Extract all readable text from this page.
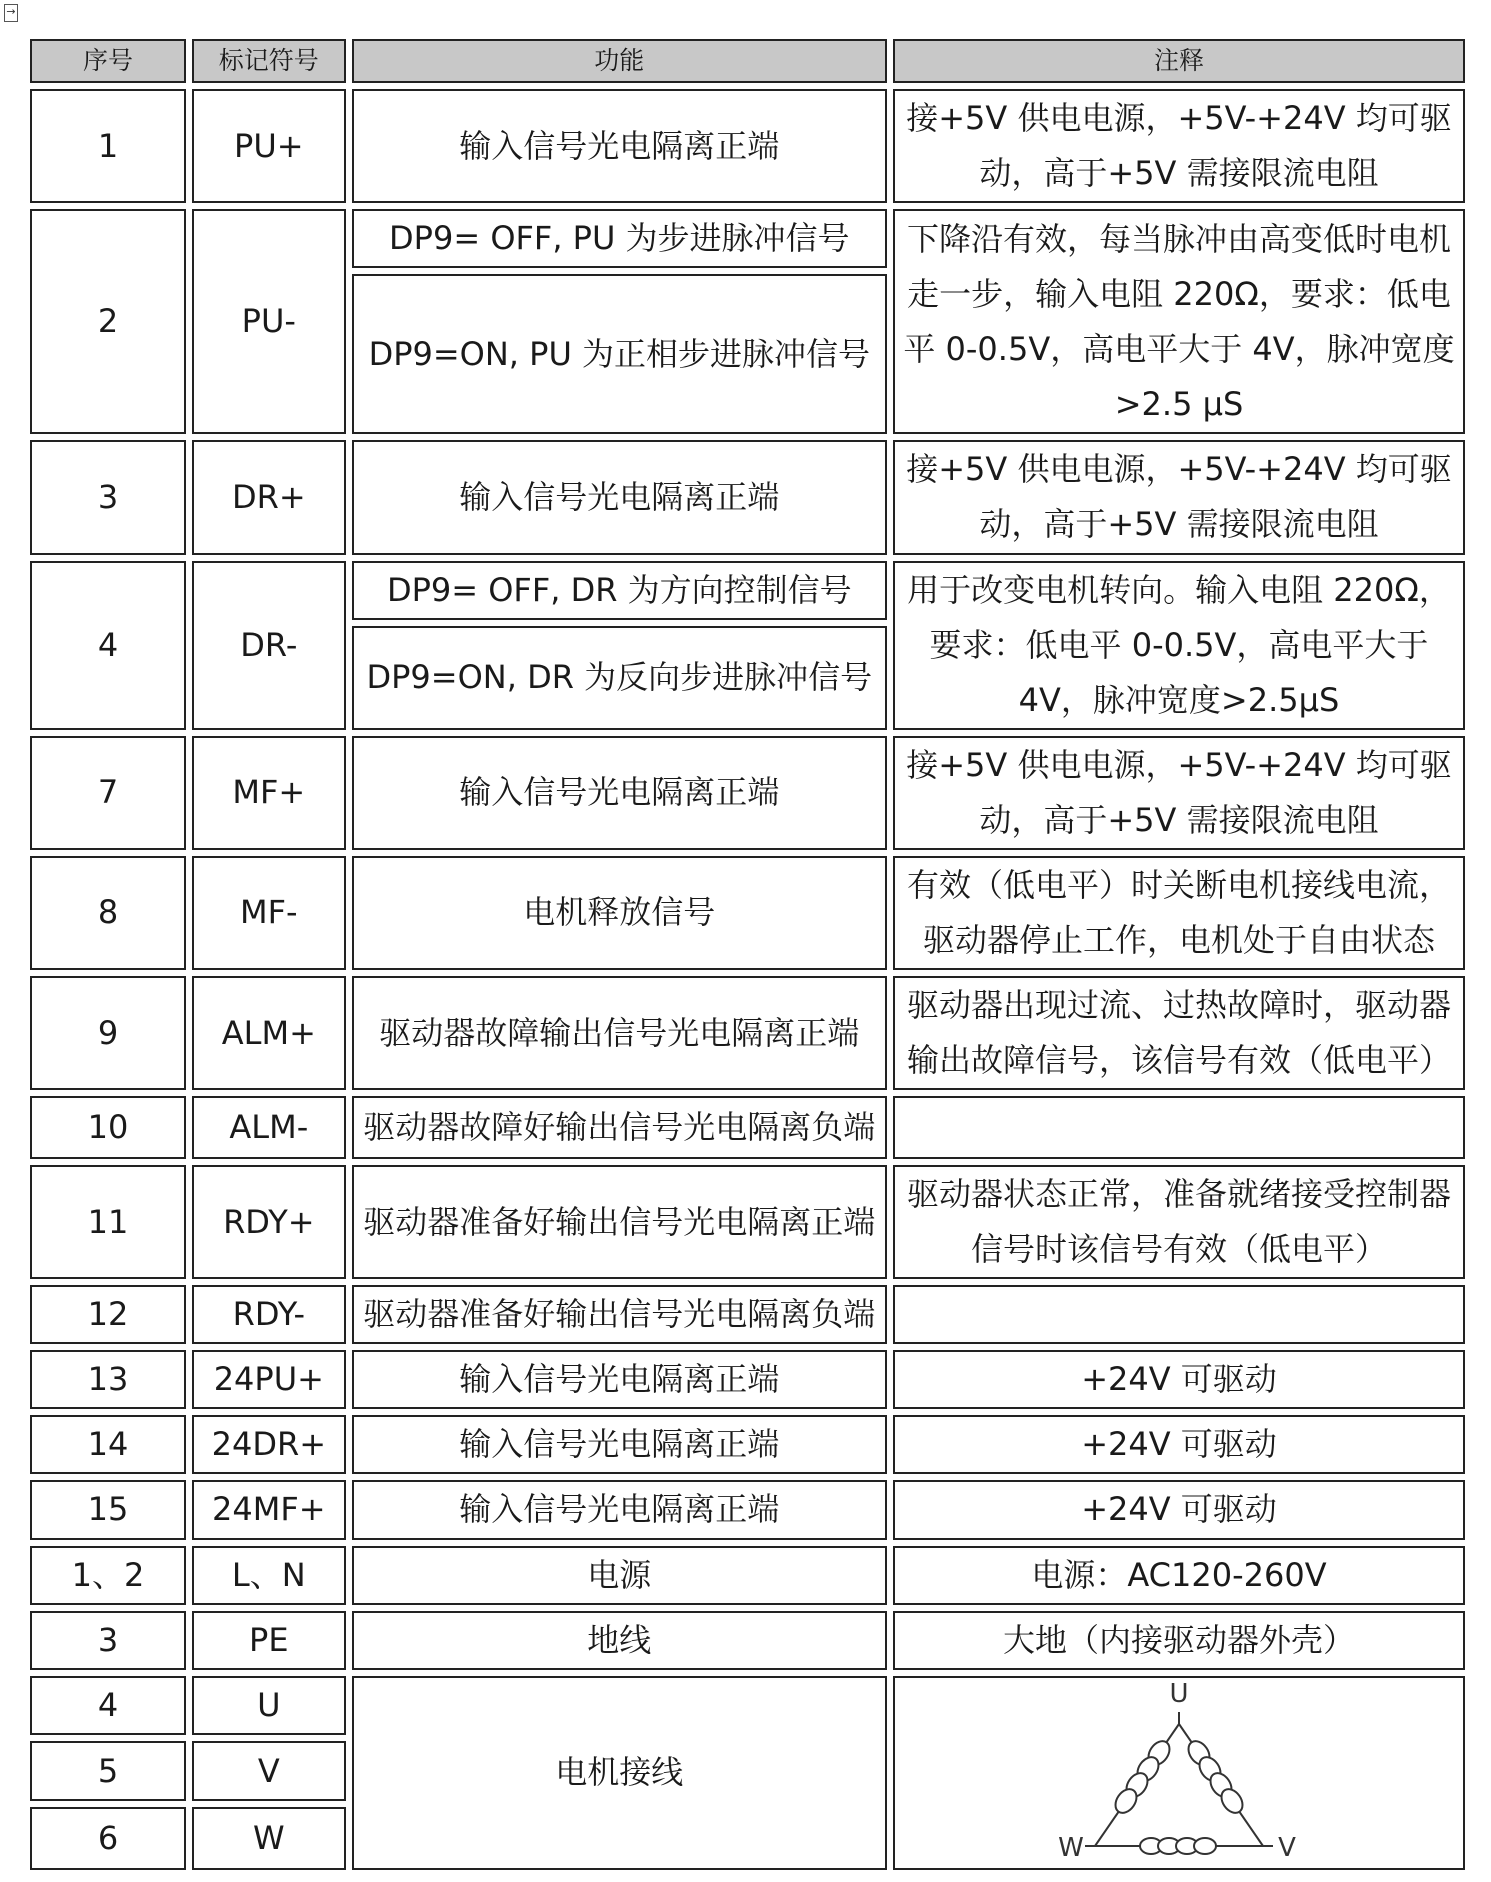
→
序号	标记符号	功能	注释
1	PU+	输入信号光电隔离正端	接+5V 供电电源，+5V-+24V 均可驱动，高于+5V 需接限流电阻
2	PU-	DP9= OFF, PU 为步进脉冲信号	下降沿有效，每当脉冲由高变低时电机走一步，输入电阻 220Ω，要求：低电平 0-0.5V，高电平大于 4V，脉冲宽度>2.5 μS
		DP9=ON, PU 为正相步进脉冲信号	
3	DR+	输入信号光电隔离正端	接+5V 供电电源，+5V-+24V 均可驱动，高于+5V 需接限流电阻
4	DR-	DP9= OFF, DR 为方向控制信号	用于改变电机转向。输入电阻 220Ω，要求：低电平 0-0.5V，高电平大于 4V，脉冲宽度>2.5μS
		DP9=ON, DR 为反向步进脉冲信号	
7	MF+	输入信号光电隔离正端	接+5V 供电电源，+5V-+24V 均可驱动，高于+5V 需接限流电阻
8	MF-	电机释放信号	有效（低电平）时关断电机接线电流，驱动器停止工作，电机处于自由状态
9	ALM+	驱动器故障输出信号光电隔离正端	驱动器出现过流、过热故障时，驱动器输出故障信号，该信号有效（低电平）
10	ALM-	驱动器故障好输出信号光电隔离负端	
11	RDY+	驱动器准备好输出信号光电隔离正端	驱动器状态正常，准备就绪接受控制器信号时该信号有效（低电平）
12	RDY-	驱动器准备好输出信号光电隔离负端	
13	24PU+	输入信号光电隔离正端	+24V 可驱动
14	24DR+	输入信号光电隔离正端	+24V 可驱动
15	24MF+	输入信号光电隔离正端	+24V 可驱动
1、2	L、N	电源	电源：AC120-260V
3	PE	地线	大地（内接驱动器外壳）
4	U	电机接线	U
W V

5	V		
6	W		
